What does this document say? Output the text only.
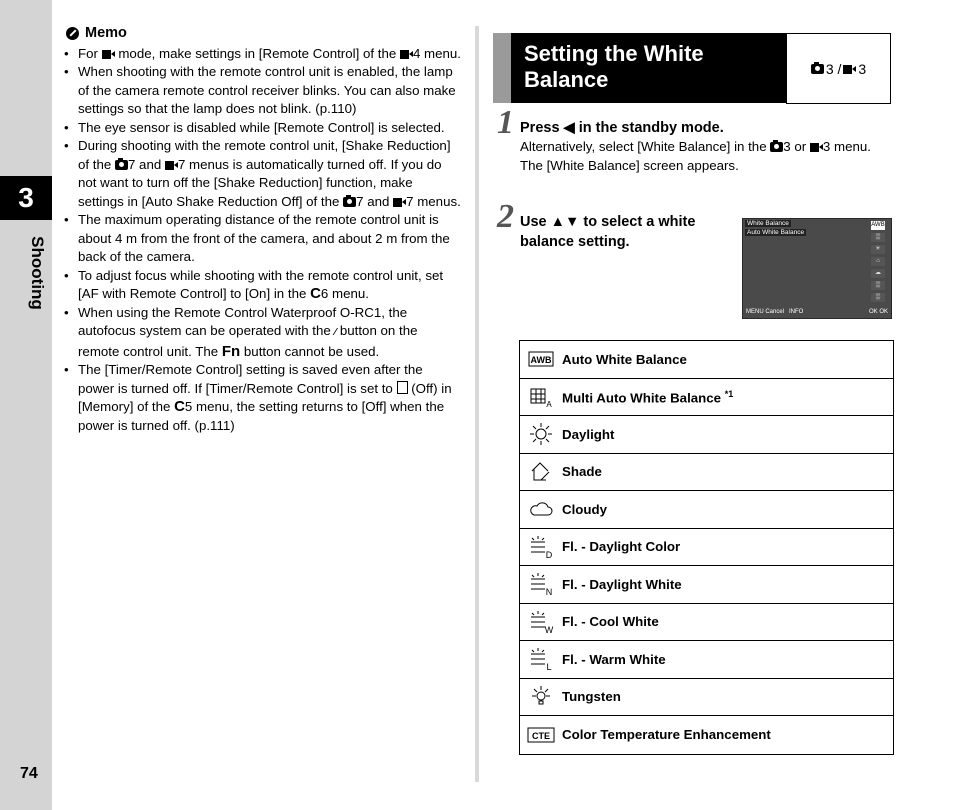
3
Shooting
74
Memo
• For  mode, make settings in [Remote Control] of the 4 menu.
• When shooting with the remote control unit is enabled, the lamp of the camera remote control receiver blinks. You can also make settings so that the lamp does not blink. (p.110)
• The eye sensor is disabled while [Remote Control] is selected.
• During shooting with the remote control unit, [Shake Reduction] of the 7 and 7 menus is automatically turned off. If you do not want to turn off the [Shake Reduction] function, make settings in [Auto Shake Reduction Off] of the 7 and 7 menus.
• The maximum operating distance of the remote control unit is about 4 m from the front of the camera, and about 2 m from the back of the camera.
• To adjust focus while shooting with the remote control unit, set [AF with Remote Control] to [On] in the C6 menu.
• When using the Remote Control Waterproof O-RC1, the autofocus system can be operated with the ⁄ button on the remote control unit. The Fn button cannot be used.
• The [Timer/Remote Control] setting is saved even after the power is turned off. If [Timer/Remote Control] is set to  (Off) in [Memory] of the C5 menu, the setting returns to [Off] when the power is turned off. (p.111)
Setting the White Balance	3 / 3
1 Press ◀ in the standby mode.
Alternatively, select [White Balance] in the 3 or 3 menu.
The [White Balance] screen appears.
2 Use ▲▼ to select a white balance setting.
White Balance
Auto White Balance
AWB
▒
☀
⌂
☁
▒
▒
MENU Cancel INFO	OK OK
AWB Auto White Balance
A Multi Auto White Balance $^{*1}$
Daylight
Shade
Cloudy
D
Fl. - Daylight Color
N
Fl. - Daylight White
W
Fl. - Cool White
L
Fl. - Warm White
Tungsten
CTE Color Temperature Enhancement
